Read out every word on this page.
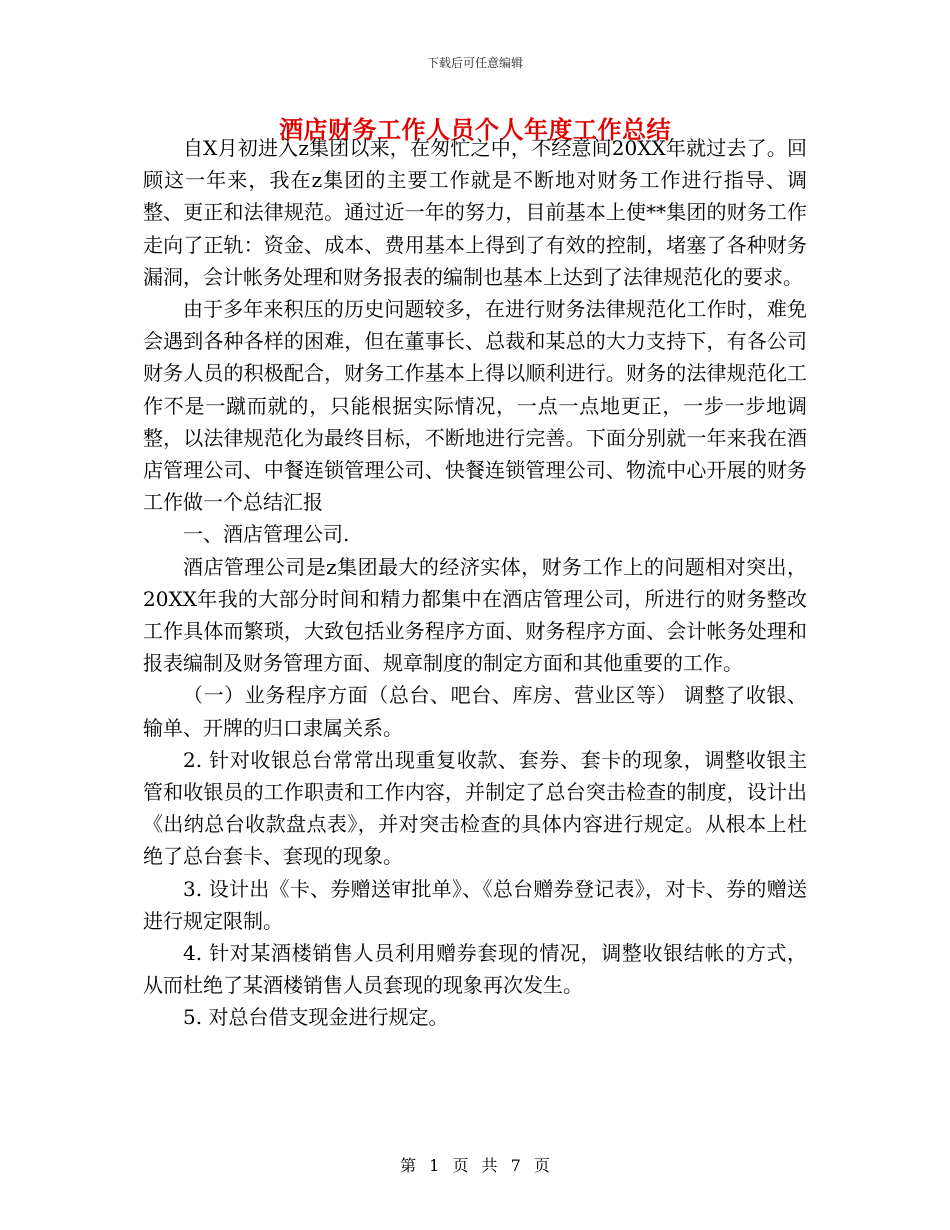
下载后可任意编辑
酒店财务工作人员个人年度工作总结

自X月初进入z集团以来，在匆忙之中，不经意间20XX年就过去了。回顾这一年来，我在z集团的主要工作就是不断地对财务工作进行指导、调整、更正和法律规范。通过近一年的努力，目前基本上使**集团的财务工作走向了正轨：资金、成本、费用基本上得到了有效的控制，堵塞了各种财务漏洞，会计帐务处理和财务报表的编制也基本上达到了法律规范化的要求。

由于多年来积压的历史问题较多，在进行财务法律规范化工作时，难免会遇到各种各样的困难，但在董事长、总裁和某总的大力支持下，有各公司财务人员的积极配合，财务工作基本上得以顺利进行。财务的法律规范化工作不是一蹴而就的，只能根据实际情况，一点一点地更正，一步一步地调整，以法律规范化为最终目标，不断地进行完善。下面分别就一年来我在酒店管理公司、中餐连锁管理公司、快餐连锁管理公司、物流中心开展的财务工作做一个总结汇报

一、酒店管理公司.

酒店管理公司是z集团最大的经济实体，财务工作上的问题相对突出，20XX年我的大部分时间和精力都集中在酒店管理公司，所进行的财务整改工作具体而繁琐，大致包括业务程序方面、财务程序方面、会计帐务处理和报表编制及财务管理方面、规章制度的制定方面和其他重要的工作。

（一）业务程序方面（总台、吧台、库房、营业区等） 调整了收银、输单、开牌的归口隶属关系。

2. 针对收银总台常常出现重复收款、套券、套卡的现象，调整收银主管和收银员的工作职责和工作内容，并制定了总台突击检查的制度，设计出《出纳总台收款盘点表》，并对突击检查的具体内容进行规定。从根本上杜绝了总台套卡、套现的现象。

3. 设计出《卡、券赠送审批单》、《总台赠券登记表》，对卡、券的赠送进行规定限制。

4. 针对某酒楼销售人员利用赠券套现的情况，调整收银结帐的方式，从而杜绝了某酒楼销售人员套现的现象再次发生。

5. 对总台借支现金进行规定。

第 1 页 共 7 页
